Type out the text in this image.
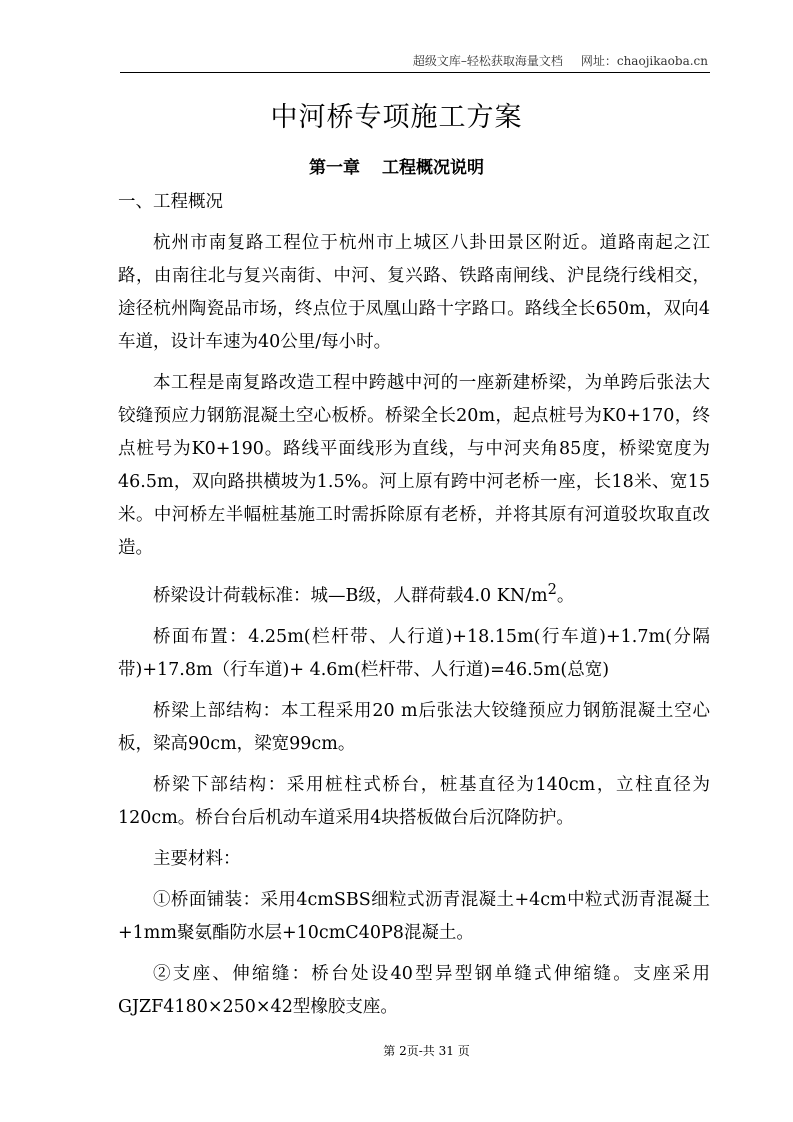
超级文库–轻松获取海量文档 网址：chaojikaoba.cn
中河桥专项施工方案
第一章 工程概况说明

一、工程概况

杭州市南复路工程位于杭州市上城区八卦田景区附近。道路南起之江路，由南往北与复兴南街、中河、复兴路、铁路南闸线、沪昆绕行线相交，途径杭州陶瓷品市场，终点位于凤凰山路十字路口。路线全长650m，双向4车道，设计车速为40公里/每小时。

本工程是南复路改造工程中跨越中河的一座新建桥梁，为单跨后张法大铰缝预应力钢筋混凝土空心板桥。桥梁全长20m，起点桩号为K0+170，终点桩号为K0+190。路线平面线形为直线，与中河夹角85度，桥梁宽度为46.5m，双向路拱横坡为1.5%。河上原有跨中河老桥一座，长18米、宽15米。中河桥左半幅桩基施工时需拆除原有老桥，并将其原有河道驳坎取直改造。

桥梁设计荷载标准：城—B级，人群荷载4.0 $KN/m^2$。

桥面布置：4.25m(栏杆带、人行道)+18.15m(行车道)+1.7m(分隔带)+17.8m（行车道)+ 4.6m(栏杆带、人行道)=46.5m(总宽)

桥梁上部结构：本工程采用20 m后张法大铰缝预应力钢筋混凝土空心板，梁高90cm，梁宽99cm。

桥梁下部结构：采用桩柱式桥台，桩基直径为140cm，立柱直径为120cm。桥台台后机动车道采用4块搭板做台后沉降防护。

主要材料：

①桥面铺装：采用4cmSBS细粒式沥青混凝土+4cm中粒式沥青混凝土+1mm聚氨酯防水层+10cmC40P8混凝土。

②支座、伸缩缝：桥台处设40型异型钢单缝式伸缩缝。支座采用GJZF4180×250×42型橡胶支座。

第 2页-共 31 页
